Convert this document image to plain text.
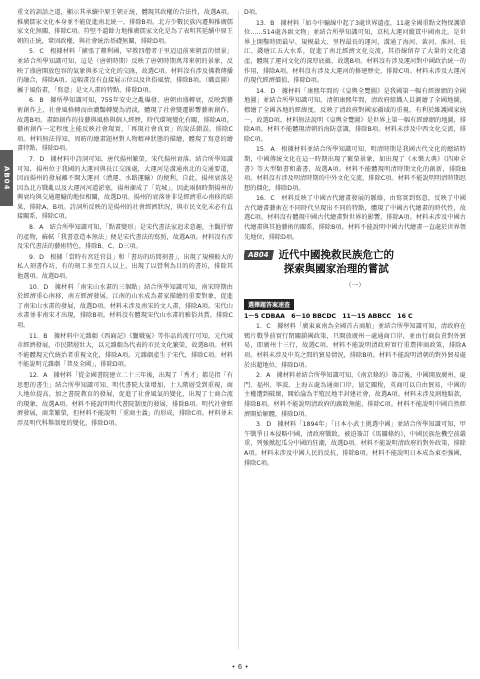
AB04

重文的訓詁之道，顯示其承續中原王朝正統，體現其政權的合法性，故選A項。推廣儒家文化本身並不能促進南北統一，排除B項。北方少數民族內遷與推廣儒家文化無關，排除C項。符堅不遺餘力地推廣儒家文化是為了表明其延續中原王朝的正統，鞏固政權，與社會統治基礎無關，排除D項。

5．C　根據材料「擴張了釐利國，罕教四僧者于里迢迢前來朝貢的情景」並結合所學知識可知，這是（唐朝時期）反映了唐朝時期萬邦來朝的景象，反映了盛唐開放包容的氣象與多元文化的交匯，故選C項。材料沒有涉及佛教傳播的融合，排除A項。這幅畫沒有直接展示位以及世俗風情，排除B項。（職貢圖）屬于風俗畫，「寫意」是文人畫的特點，排除D項。

6．B　據所學知識可知，755年安史之亂爆發，唐朝由盛轉衰，反映到藝術創作上，社會風格轉而由濃豔轉變為清淡，體現了社會變遷影響藝術創作，故選B項。畫師創作的技藝與風格與個人經歷，時代環境變化有關，排除A項。藝術創作一定程度上能反映社會現實，「再現社會真實」的說法錯誤，排除C項。材料無法得知，周昉的繪畫題材對人物精神狀態的描繪，體現了寫意的繪畫特點，排除D項。

7．D　據材料中詩詞可知，唐代揚州繁榮，宋代揚州衰落。結合所學知識可知，揚州位于我國的大運河與長江交匯處，大運河是溝通南北的交通要道，因而揚州的發展離不開大運河（漕運、水路運輸）的便利，自此，揚州衰落是因為北方戰亂以及大運河河道淤塞，揚州漸成了「荒城」。因此兩個時期揚州的興衰均與交通運輸的地位相關，故選D項。揚州的衰落並非是經濟重心南移的結果，排除A、B項。詩詞所反映的是揚州的社會經濟狀況，與市民文化未必有直接關系，排除C項。

8．A　結合所學知識可知，「點畫變形」是宋代書法家追求意趣，主觀抒情的產物，蘇軾「我書意造本無法」便是宋代書法的寫照，故選A項。材料沒有涉及宋代書法的藝術特色，排除B、C、D三項。

9．D　根據「當時有宮廷官員」和「書坊的坊間刻書」，出現了規模較大的私人刻書作坊，有的刻工多至百人以上，出現了以營利為目的的書坊，排除其他選項。故選D項。

10．D　據材料「南宋山水畫的三個點」結合所學知識可知，南宋時期由於經濟重心南移，南方經濟發展，江南的山水成為畫家描繪的重要對象，促進了南宋山水畫的發展，故選D項。材料未涉及南宋的文人畫，排除A項。宋代山水畫並非南宋才出現，排除B項。材料沒有體現宋代山水畫的雅俗共賞，排除C項。

11．B　據材料中元雜劇《西廂記》《竇娥冤》等作品的流行可知，元代城市經濟發展，市民階層壯大，以元雜劇為代表的市民文化繁榮，故選B項。材料不能體現元代統治者重視文化，排除A項。元雜劇產生于宋代，排除C項。材料不能說明元雜劇「普及全國」，排除D項。

12．A　據材料「從金國書院建立二十三年後，出現了「秀才」都是指「有思想的書生」結合所學知識可知，明代書院大量增加，士人階層受到重視，商人地位提高，加之書院教育的發展，促進了社會風氣的變化，出現了士商合流的現象，故選A項。材料不能說明明代書院制度的發展，排除B項。明代社會經濟發展，商業繁榮，但材料不能說明「重商主義」的形成，排除C項。材料並未涉及明代科舉制度的變化，排除D項。

D項。

13．B　據材料「如今中輸線中起了3處世界遺產，11處全國重點文物保護單位……514處各級文物」並結合所學知識可知，京杭大運河縱貫中國南北，是世界上開鑿時間最早、規模最大、里程最長的運河，溝通了海河、黃河、淮河、長江、錢塘江五大水系，促進了南北經濟文化交流，其沿線留存了大量的文化遺產，體現了運河文化的深厚底蘊，故選B項。材料沒有涉及運河對中國政治統一的作用，排除A項。材料沒有涉及大運河的修建歷史，排除C項。材料未涉及大運河的現代經濟價值，排除D項。

14．D　據材料「康熙年間的《皇輿全覽圖》是我國第一幅有經緯網的全國地圖」並結合所學知識可知，清朝康熙年間，清政府組織人員測繪了全國地圖，標繪了全國各地的經緯度，反映了清政府對國家疆域的重視，有利於維護國家統一，故選D項。材料無法說明《皇輿全覽圖》是世界上第一幅有經緯網的地圖，排除A項。材料不能體現清朝的海防意識，排除B項。材料未涉及中西文化交流，排除C項。

15．A　根據材料並結合所學知識可知，明清時期是我國古代文化的總結時期，中國傳統文化在這一時期出現了繁榮景象，如出現了《永樂大典》《四庫全書》等大型類書和叢書，故選A項。材料不能體現明清時期文化的創新，排除B項。材料沒有涉及明清時期的中外文化交流，排除C項。材料不能說明明清時期思想的僵化，排除D項。

16．C　材料反映了中國古代繪畫發展的脈絡，由寫實到寫意，反映了中國古代繪畫藝術在不同時代呈現出不同的特點，體現了中國古代繪畫的時代性，故選C項。材料沒有體現中國古代繪畫對世界的影響，排除A項。材料未涉及中國古代繪畫與其他藝術的關系，排除B項。材料不能說明中國古代繪畫一直處於世界領先地位，排除D項。

AB04 近代中國挽救民族危亡的
探索與國家治理的嘗試
（一）
選擇題答案速查
1～5 CDBAA　6～10 BBCDC　11～15 ABBCC　16 C

1．C　據材料「廣東東南為全國首占商舶」並結合所學知識可知，清政府在鴉片戰爭前實行閉關鎖國政策，只開放廣州一處通商口岸，並由行商負責對外貿易，即廣州十三行，故選C項。材料不能說明清政府實行重農抑商政策，排除A項。材料未涉及中英之間的貿易情況，排除B項。材料不能說明清朝的對外貿易處於出超地位，排除D項。

2．A　據材料並結合所學知識可知，《南京條約》簽訂後，中國開放廣州、廈門、福州、寧波、上海五處為通商口岸，協定關稅，英商可以自由貿易，中國的主權遭到破壞，開始淪為半殖民地半封建社會，故選A項。材料未涉及割地賠款，排除B項。材料不能說明清政府的腐敗無能，排除C項。材料不能說明中國自然經濟開始解體，排除D項。

3．D　據材料「1894年」「日本小武士挑選中國」並結合所學知識可知，甲午戰爭日本侵略中國，清政府戰敗，被迫簽訂《馬關條約》，中國民族危機空前嚴重，列強掀起瓜分中國的狂潮，故選D項。材料不能說明清政府的對外政策，排除A項。材料未涉及中國人民的反抗，排除B項。材料不能說明日本成為東亞強國，排除C項。

• 6 •
